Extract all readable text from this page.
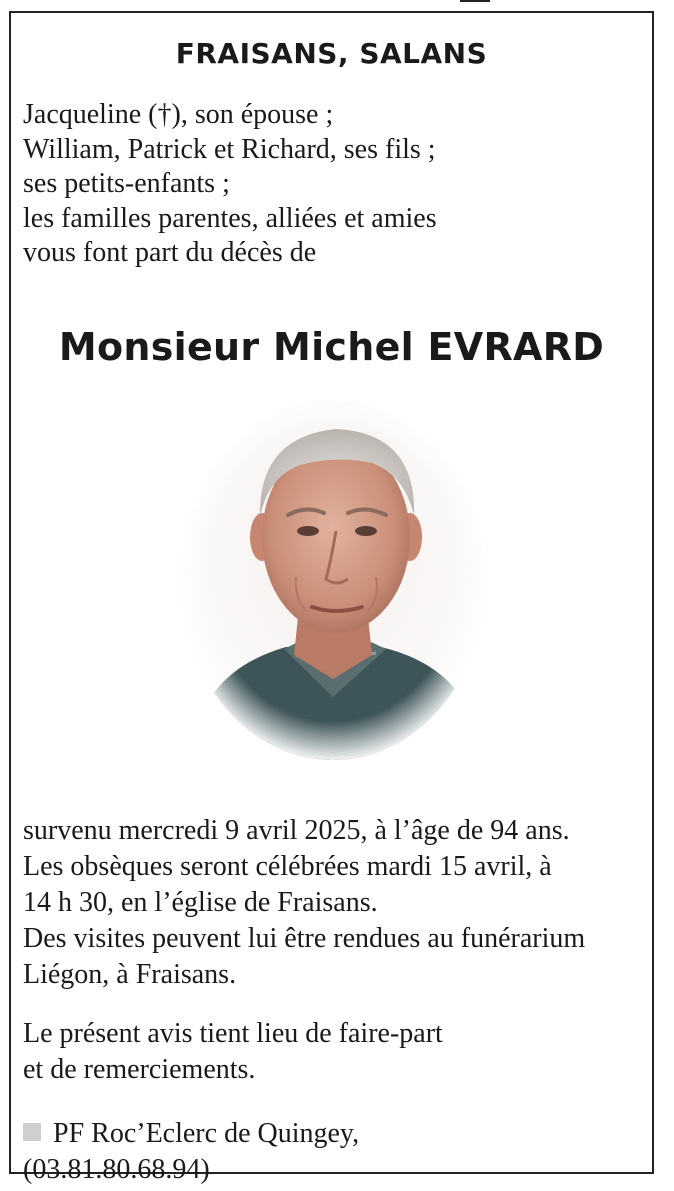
FRAISANS, SALANS
Jacqueline (†), son épouse ;
William, Patrick et Richard, ses fils ;
ses petits-enfants ;
les familles parentes, alliées et amies
vous font part du décès de
Monsieur Michel EVRARD
survenu mercredi 9 avril 2025, à l’âge de 94 ans.
Les obsèques seront célébrées mardi 15 avril, à
14 h 30, en l’église de Fraisans.
Des visites peuvent lui être rendues au funérarium
Liégon, à Fraisans.
Le présent avis tient lieu de faire-part
et de remerciements.
PF Roc’Eclerc de Quingey,
(03.81.80.68.94)
